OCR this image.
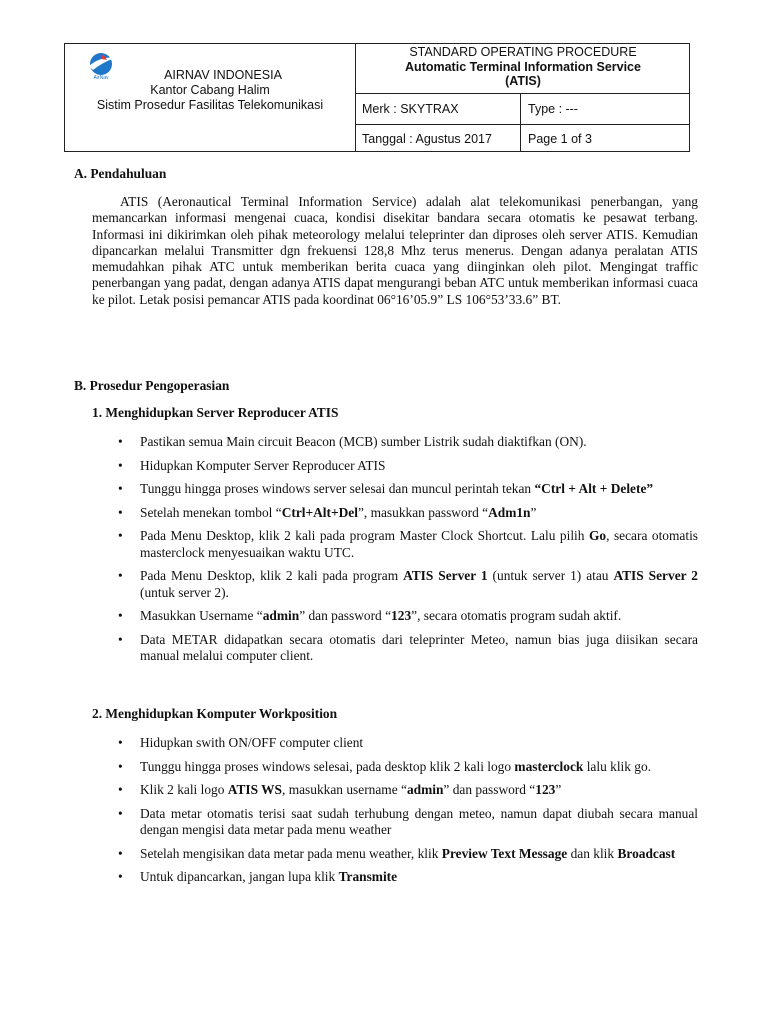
AirNav	AIRNAV INDONESIA
Kantor Cabang Halim
Sistim Prosedur Fasilitas Telekomunikasi
STANDARD OPERATING PROCEDURE
Automatic Terminal Information Service
(ATIS)
Merk : SKYTRAX	Type : ---
Tanggal : Agustus 2017	Page 1 of 3
A. Pendahuluan
ATIS (Aeronautical Terminal Information Service) adalah alat telekomunikasi penerbangan, yang memancarkan informasi mengenai cuaca, kondisi disekitar bandara secara otomatis ke pesawat terbang. Informasi ini dikirimkan oleh pihak meteorology melalui teleprinter dan diproses oleh server ATIS. Kemudian dipancarkan melalui Transmitter dgn frekuensi 128,8 Mhz terus menerus. Dengan adanya peralatan ATIS memudahkan pihak ATC untuk memberikan berita cuaca yang diinginkan oleh pilot. Mengingat traffic penerbangan yang padat, dengan adanya ATIS dapat mengurangi beban ATC untuk memberikan informasi cuaca ke pilot. Letak posisi pemancar ATIS pada koordinat 06°16’05.9” LS 106°53’33.6” BT.
B. Prosedur Pengoperasian
1. Menghidupkan Server Reproducer ATIS
• Pastikan semua Main circuit Beacon (MCB) sumber Listrik sudah diaktifkan (ON).
• Hidupkan Komputer Server Reproducer ATIS
• Tunggu hingga proses windows server selesai dan muncul perintah tekan “Ctrl + Alt + Delete”
• Setelah menekan tombol “Ctrl+Alt+Del”, masukkan password “Adm1n”
• Pada Menu Desktop, klik 2 kali pada program Master Clock Shortcut. Lalu pilih Go, secara otomatis masterclock menyesuaikan waktu UTC.
• Pada Menu Desktop, klik 2 kali pada program ATIS Server 1 (untuk server 1) atau ATIS Server 2 (untuk server 2).
• Masukkan Username “admin” dan password “123”, secara otomatis program sudah aktif.
• Data METAR didapatkan secara otomatis dari teleprinter Meteo, namun bias juga diisikan secara manual melalui computer client.
2. Menghidupkan Komputer Workposition
• Hidupkan swith ON/OFF computer client
• Tunggu hingga proses windows selesai, pada desktop klik 2 kali logo masterclock lalu klik go.
• Klik 2 kali logo ATIS WS, masukkan username “admin” dan password “123”
• Data metar otomatis terisi saat sudah terhubung dengan meteo, namun dapat diubah secara manual dengan mengisi data metar pada menu weather
• Setelah mengisikan data metar pada menu weather, klik Preview Text Message dan klik Broadcast
• Untuk dipancarkan, jangan lupa klik Transmite
